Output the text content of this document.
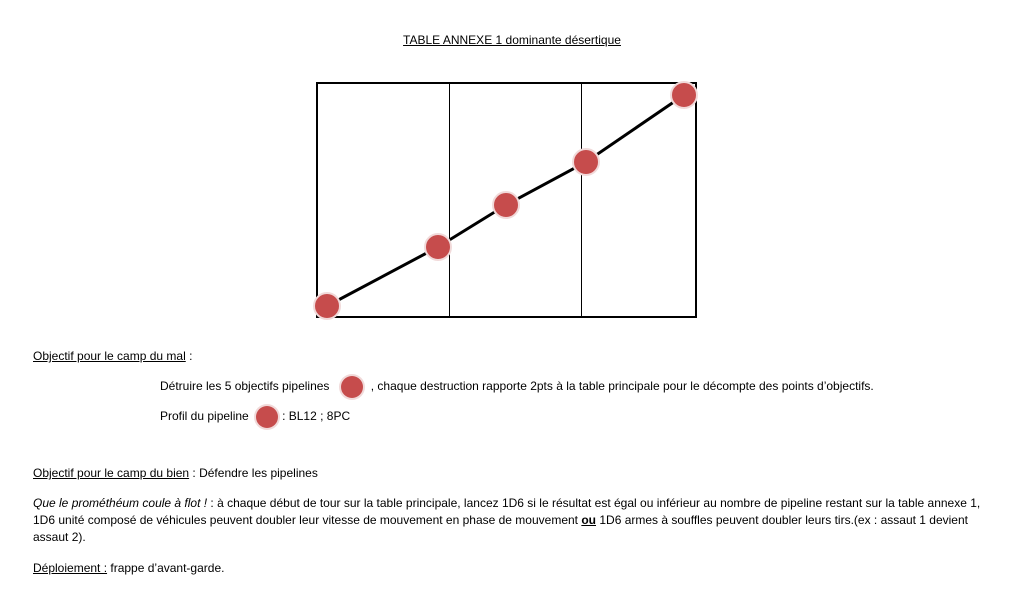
TABLE ANNEXE 1 dominante désertique
Objectif pour le camp du mal :
Détruire les 5 objectifs pipelines	, chaque destruction rapporte 2pts à la table principale pour le décompte des points d’objectifs.
Profil du pipeline	: BL12 ; 8PC
Objectif pour le camp du bien : Défendre les pipelines
Que le prométhéum coule à flot ! : à chaque début de tour sur la table principale, lancez 1D6 si le résultat est égal ou inférieur au nombre de pipeline restant sur la table annexe 1, 1D6 unité composé de véhicules peuvent doubler leur vitesse de mouvement en phase de mouvement ou 1D6 armes à souffles peuvent doubler leurs tirs.(ex : assaut 1 devient assaut 2).
Déploiement : frappe d’avant-garde.
